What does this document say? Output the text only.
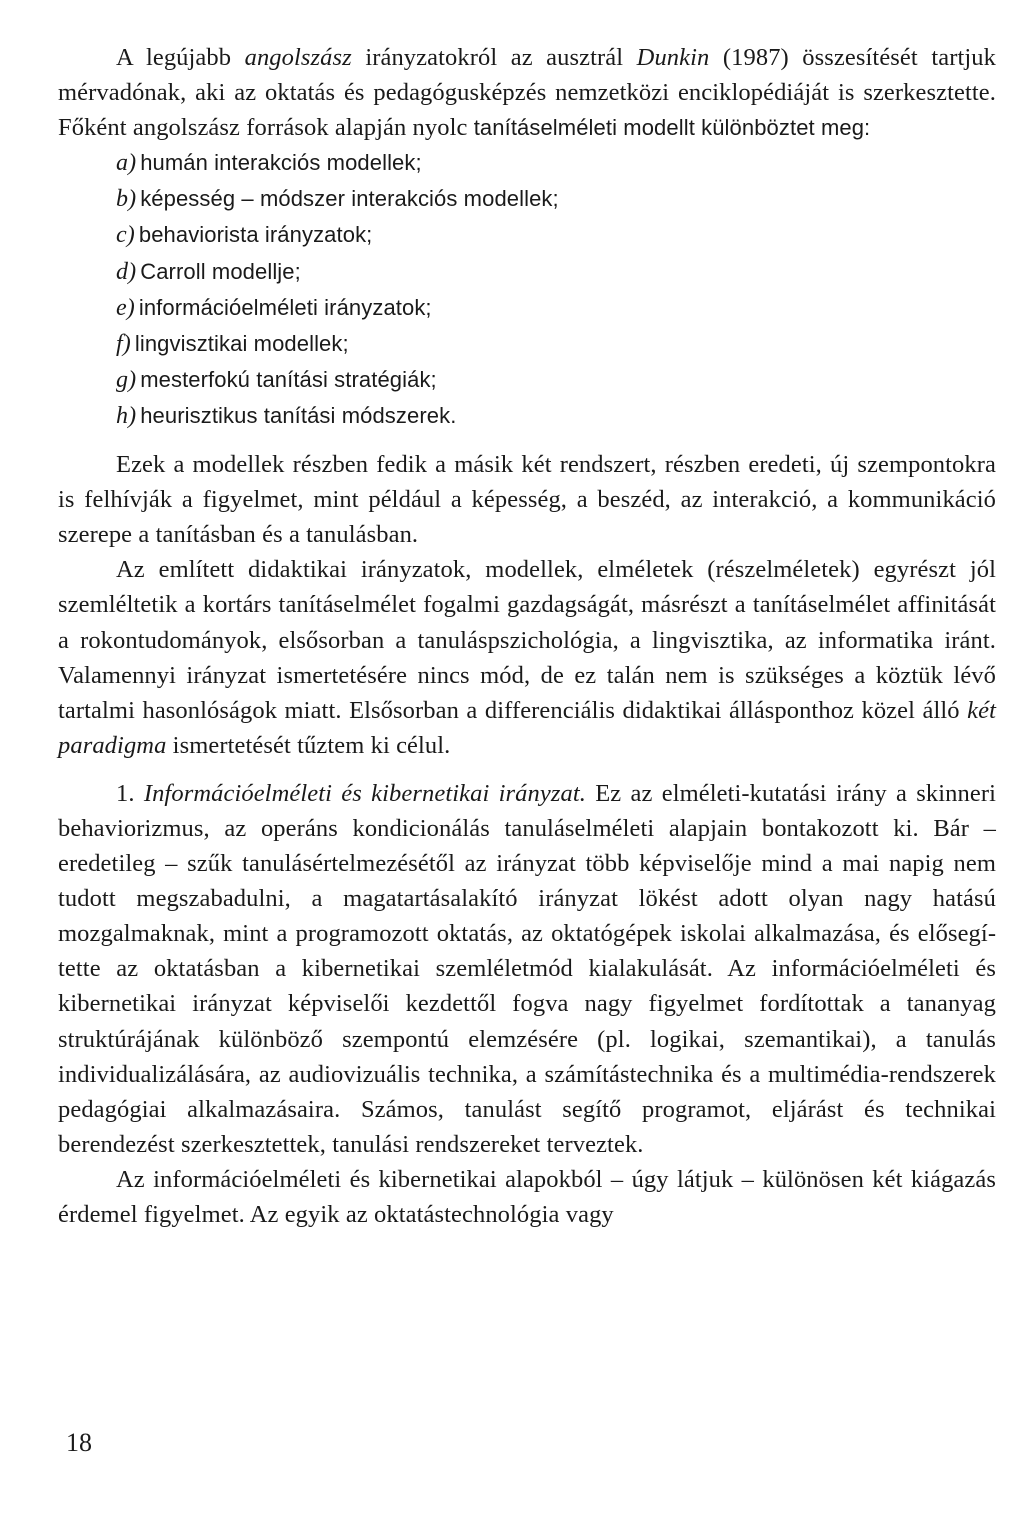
A legújabb angolszász irányzatokról az ausztrál Dunkin (1987) összesítését tartjuk mérvadónak, aki az oktatás és pedagógusképzés nemzetközi enciklopédiáját is szerkesztette. Főként angolszász források alapján nyolc tanításelméleti modellt különböztet meg:

a) humán interakciós modellek;
b) képesség – módszer interakciós modellek;
c) behaviorista irányzatok;
d) Carroll modellje;
e) információelméleti irányzatok;
f) lingvisztikai modellek;
g) mesterfokú tanítási stratégiák;
h) heurisztikus tanítási módszerek.

Ezek a modellek részben fedik a másik két rendszert, részben eredeti, új szempontokra is felhívják a figyelmet, mint például a képesség, a beszéd, az interakció, a kommunikáció szerepe a tanításban és a tanulásban.

Az említett didaktikai irányzatok, modellek, elméletek (részelméletek) egyrészt jól szemléltetik a kortárs tanításelmélet fogalmi gazdagságát, másrészt a tanításelmélet affinitását a rokontudományok, elsősorban a tanuláspszichológia, a lingvisztika, az informatika iránt. Valamennyi irányzat ismertetésére nincs mód, de ez talán nem is szükséges a köztük lévő tartalmi hasonlóságok miatt. Elsősorban a differenciális didaktikai állásponthoz közel álló két paradigma ismertetését tűztem ki célul.

1. Információelméleti és kibernetikai irányzat. Ez az elméleti-kutatási irány a skinneri behaviorizmus, az operáns kondicionálás tanuláselméleti alapjain bontakozott ki. Bár – eredetileg – szűk tanulásértelmezésétől az irányzat több képviselője mind a mai napig nem tudott megszabadulni, a magatartásalakító irányzat lökést adott olyan nagy hatású mozgalmaknak, mint a programozott oktatás, az oktatógépek iskolai alkalmazása, és elősegítette az oktatásban a kibernetikai szemléletmód kialakulását. Az információelméleti és kibernetikai irányzat képviselői kezdettől fogva nagy figyelmet fordítottak a tananyag struktúrájának különböző szempontú elemzésére (pl. logikai, szemantikai), a tanulás individualizálására, az audiovizuális technika, a számítástechnika és a multimédia-rendszerek pedagógiai alkalmazásaira. Számos, tanulást segítő programot, eljárást és technikai berendezést szerkesztettek, tanulási rendszereket terveztek.

Az információelméleti és kibernetikai alapokból – úgy látjuk – különösen két kiágazás érdemel figyelmet. Az egyik az oktatástechnológia vagy

18
